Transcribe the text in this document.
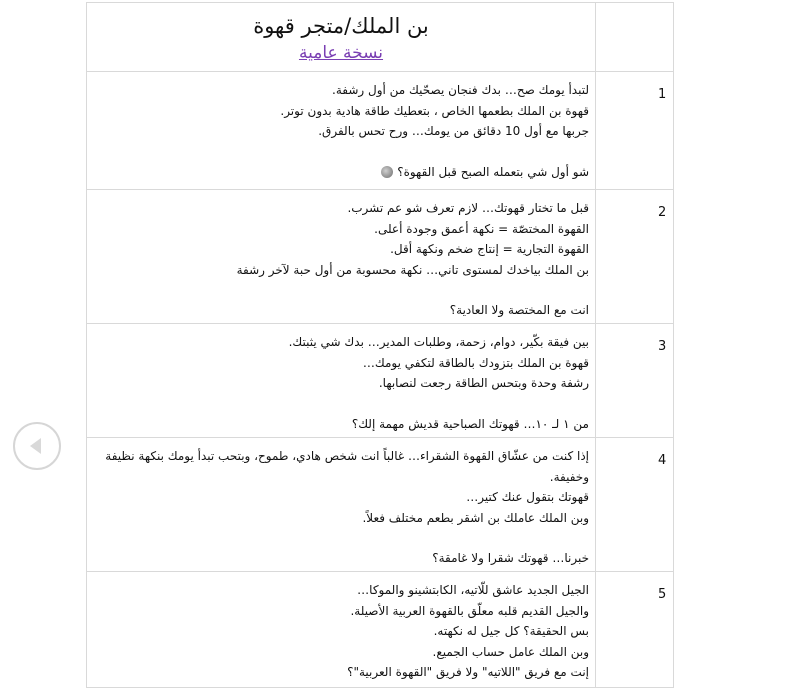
بن الملك/متجر قهوة
نسخة عامية	

لتبدأ يومك صح… بدك فنجان يصحّيك من أول رشفة.
قهوة بن الملك بطعمها الخاص ، بتعطيك طاقة هادية بدون توتر.
جربها مع أول 10 دقائق من يومك… ورح تحس بالفرق.
شو أول شي بتعمله الصبح قبل القهوة؟	1

قبل ما تختار قهوتك… لازم تعرف شو عم تشرب.
القهوة المختصّة = نكهة أعمق وجودة أعلى.
القهوة التجارية = إنتاج ضخم ونكهة أقل.
بن الملك بياخدك لمستوى تاني… نكهة محسوبة من أول حبة لآخر رشفة
انت مع المختصة ولا العادية؟	2

بين فيقة بكّير، دوام، زحمة، وطلبات المدير… بدك شي يثبتك.
قهوة بن الملك بتزودك بالطاقة لتكفي يومك…
رشفة وحدة وبتحس الطاقة رجعت لنصابها.
من ١ لـ ١٠… قهوتك الصباحية قديش مهمة إلك؟	3

إذا كنت من عشّاق القهوة الشقراء… غالباً انت شخص هادي، طموح، وبتحب تبدأ يومك بنكهة نظيفة وخفيفة.
قهوتك بتقول عنك كتير…
وبن الملك عاملك بن اشقر بطعم مختلف فعلاً.
خبرنا… قهوتك شقرا ولا غامقة؟	4

الجيل الجديد عاشق للّاتيه، الكابتشينو والموكا…
والجيل القديم قلبه معلّق بالقهوة العربية الأصيلة.
بس الحقيقة؟ كل جيل له نكهته.
وبن الملك عامل حساب الجميع.
إنت مع فريق "اللاتيه" ولا فريق "القهوة العربية"؟	5
